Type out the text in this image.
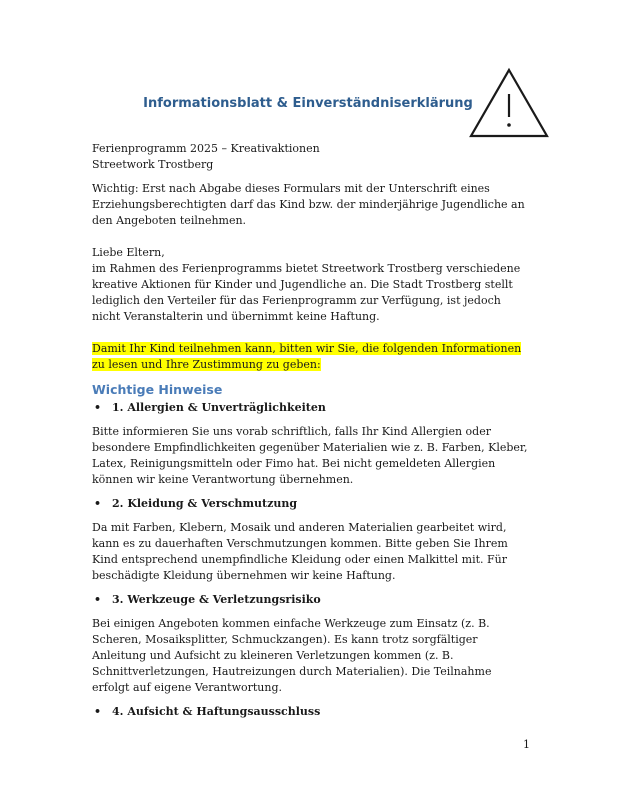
Informationsblatt & Einverständniserklärung

Ferienprogramm 2025 – Kreativaktionen

Streetwork Trostberg

Wichtig: Erst nach Abgabe dieses Formulars mit der Unterschrift eines Erziehungsberechtigten darf das Kind bzw. der minderjährige Jugendliche an den Angeboten teilnehmen.

Liebe Eltern,

im Rahmen des Ferienprogramms bietet Streetwork Trostberg verschiedene kreative Aktionen für Kinder und Jugendliche an. Die Stadt Trostberg stellt lediglich den Verteiler für das Ferienprogramm zur Verfügung, ist jedoch nicht Veranstalterin und übernimmt keine Haftung.

Damit Ihr Kind teilnehmen kann, bitten wir Sie, die folgenden Informationen zu lesen und Ihre Zustimmung zu geben:

Wichtige Hinweise
• 1. Allergien & Unverträglichkeiten

Bitte informieren Sie uns vorab schriftlich, falls Ihr Kind Allergien oder besondere Empfindlichkeiten gegenüber Materialien wie z. B. Farben, Kleber, Latex, Reinigungsmitteln oder Fimo hat. Bei nicht gemeldeten Allergien können wir keine Verantwortung übernehmen.

• 2. Kleidung & Verschmutzung

Da mit Farben, Klebern, Mosaik und anderen Materialien gearbeitet wird, kann es zu dauerhaften Verschmutzungen kommen. Bitte geben Sie Ihrem Kind entsprechend unempfindliche Kleidung oder einen Malkittel mit. Für beschädigte Kleidung übernehmen wir keine Haftung.

• 3. Werkzeuge & Verletzungsrisiko

Bei einigen Angeboten kommen einfache Werkzeuge zum Einsatz (z. B. Scheren, Mosaiksplitter, Schmuckzangen). Es kann trotz sorgfältiger Anleitung und Aufsicht zu kleineren Verletzungen kommen (z. B. Schnittverletzungen, Hautreizungen durch Materialien). Die Teilnahme erfolgt auf eigene Verantwortung.

• 4. Aufsicht & Haftungsausschluss
1
